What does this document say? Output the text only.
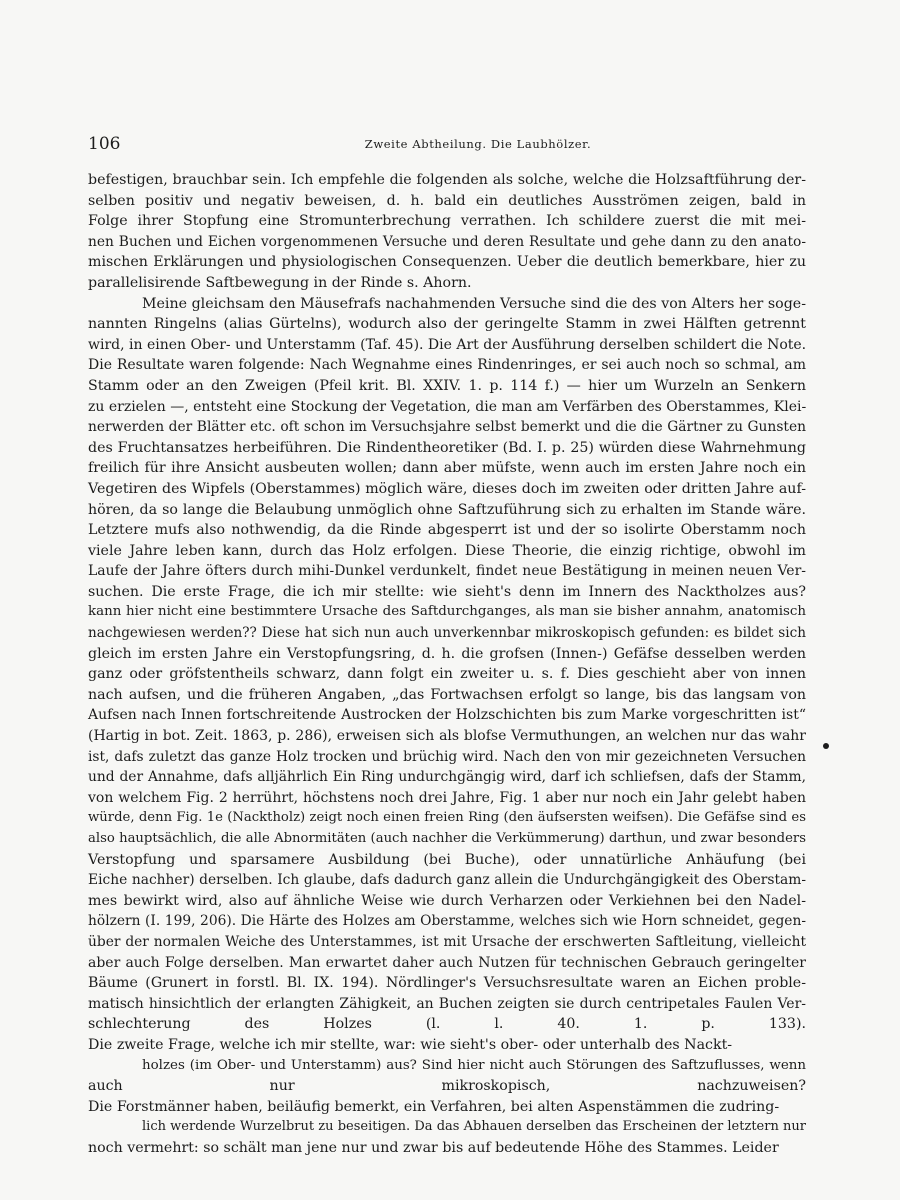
106	Zweite Abtheilung. Die Laubhölzer.
befestigen, brauchbar sein. Ich empfehle die folgenden als solche, welche die Holzsaftführung der-
selben positiv und negativ beweisen, d. h. bald ein deutliches Ausströmen zeigen, bald in
Folge ihrer Stopfung eine Stromunterbrechung verrathen. Ich schildere zuerst die mit mei-
nen Buchen und Eichen vorgenommenen Versuche und deren Resultate und gehe dann zu den anato-
mischen Erklärungen und physiologischen Consequenzen. Ueber die deutlich bemerkbare, hier zu
parallelisirende Saftbewegung in der Rinde s. Ahorn.
Meine gleichsam den Mäusefrafs nachahmenden Versuche sind die des von Alters her soge-
nannten Ringelns (alias Gürtelns), wodurch also der geringelte Stamm in zwei Hälften getrennt
wird, in einen Ober- und Unterstamm (Taf. 45). Die Art der Ausführung derselben schildert die Note.
Die Resultate waren folgende: Nach Wegnahme eines Rindenringes, er sei auch noch so schmal, am
Stamm oder an den Zweigen (Pfeil krit. Bl. XXIV. 1. p. 114 f.) — hier um Wurzeln an Senkern
zu erzielen —, entsteht eine Stockung der Vegetation, die man am Verfärben des Oberstammes, Klei-
nerwerden der Blätter etc. oft schon im Versuchsjahre selbst bemerkt und die die Gärtner zu Gunsten
des Fruchtansatzes herbeiführen. Die Rindentheoretiker (Bd. I. p. 25) würden diese Wahrnehmung
freilich für ihre Ansicht ausbeuten wollen; dann aber müfste, wenn auch im ersten Jahre noch ein
Vegetiren des Wipfels (Oberstammes) möglich wäre, dieses doch im zweiten oder dritten Jahre auf-
hören, da so lange die Belaubung unmöglich ohne Saftzuführung sich zu erhalten im Stande wäre.
Letztere mufs also nothwendig, da die Rinde abgesperrt ist und der so isolirte Oberstamm noch
viele Jahre leben kann, durch das Holz erfolgen. Diese Theorie, die einzig richtige, obwohl im
Laufe der Jahre öfters durch mihi-Dunkel verdunkelt, findet neue Bestätigung in meinen neuen Ver-
suchen. Die erste Frage, die ich mir stellte: wie sieht's denn im Innern des Nacktholzes aus?
kann hier nicht eine bestimmtere Ursache des Saftdurchganges, als man sie bisher annahm, anatomisch
nachgewiesen werden?? Diese hat sich nun auch unverkennbar mikroskopisch gefunden: es bildet sich
gleich im ersten Jahre ein Verstopfungsring, d. h. die grofsen (Innen-) Gefäfse desselben werden
ganz oder gröfstentheils schwarz, dann folgt ein zweiter u. s. f. Dies geschieht aber von innen
nach aufsen, und die früheren Angaben, „das Fortwachsen erfolgt so lange, bis das langsam von
Aufsen nach Innen fortschreitende Austrocken der Holzschichten bis zum Marke vorgeschritten ist“
(Hartig in bot. Zeit. 1863, p. 286), erweisen sich als blofse Vermuthungen, an welchen nur das wahr
ist, dafs zuletzt das ganze Holz trocken und brüchig wird. Nach den von mir gezeichneten Versuchen
und der Annahme, dafs alljährlich Ein Ring undurchgängig wird, darf ich schliefsen, dafs der Stamm,
von welchem Fig. 2 herrührt, höchstens noch drei Jahre, Fig. 1 aber nur noch ein Jahr gelebt haben
würde, denn Fig. 1e (Nacktholz) zeigt noch einen freien Ring (den äufsersten weifsen). Die Gefäfse sind es
also hauptsächlich, die alle Abnormitäten (auch nachher die Verkümmerung) darthun, und zwar besonders
Verstopfung und sparsamere Ausbildung (bei Buche), oder unnatürliche Anhäufung (bei
Eiche nachher) derselben. Ich glaube, dafs dadurch ganz allein die Undurchgängigkeit des Oberstam-
mes bewirkt wird, also auf ähnliche Weise wie durch Verharzen oder Verkiehnen bei den Nadel-
hölzern (I. 199, 206). Die Härte des Holzes am Oberstamme, welches sich wie Horn schneidet, gegen-
über der normalen Weiche des Unterstammes, ist mit Ursache der erschwerten Saftleitung, vielleicht
aber auch Folge derselben. Man erwartet daher auch Nutzen für technischen Gebrauch geringelter
Bäume (Grunert in forstl. Bl. IX. 194). Nördlinger's Versuchsresultate waren an Eichen proble-
matisch hinsichtlich der erlangten Zähigkeit, an Buchen zeigten sie durch centripetales Faulen Ver-
schlechterung des Holzes (l. l. 40. 1. p. 133).
Die zweite Frage, welche ich mir stellte, war: wie sieht's ober- oder unterhalb des Nackt-
holzes (im Ober- und Unterstamm) aus? Sind hier nicht auch Störungen des Saftzuflusses, wenn
auch nur mikroskopisch, nachzuweisen?
Die Forstmänner haben, beiläufig bemerkt, ein Verfahren, bei alten Aspenstämmen die zudring-
lich werdende Wurzelbrut zu beseitigen. Da das Abhauen derselben das Erscheinen der letztern nur
noch vermehrt: so schält man jene nur und zwar bis auf bedeutende Höhe des Stammes. Leider
